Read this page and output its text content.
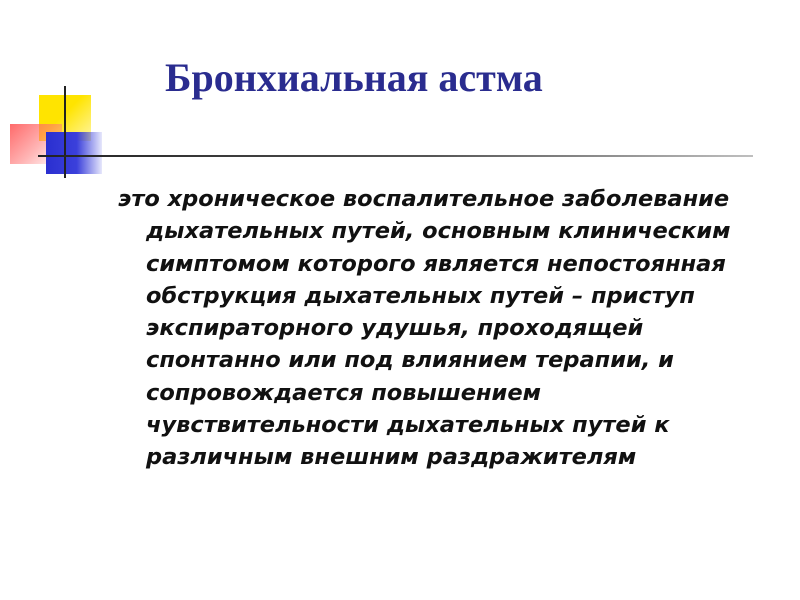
Бронхиальная астма

это хроническое воспалительное заболевание дыхательных путей, основным клиническим симптомом которого является непостоянная обструкция дыхательных путей – приступ экспираторного удушья, проходящей спонтанно или под влиянием терапии, и сопровождается повышением чувствительности дыхательных путей к различным внешним раздражителям
